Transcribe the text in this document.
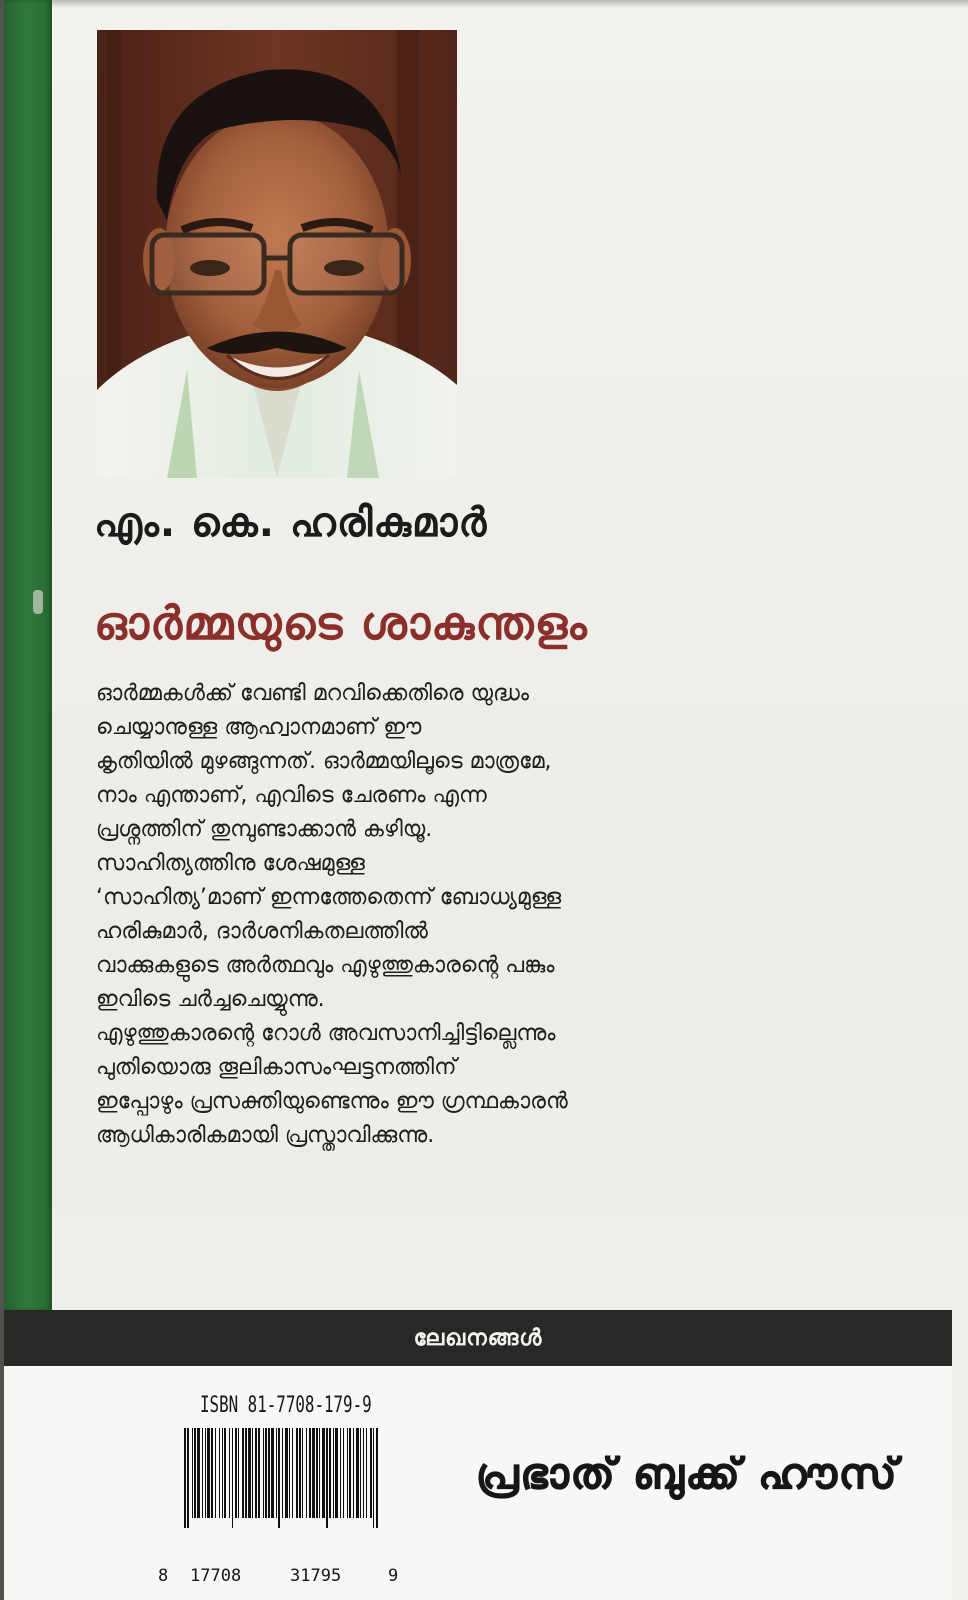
എം. കെ. ഹരികുമാർ
ഓർമ്മയുടെ ശാകുന്തളം
ഓർമ്മകൾക്ക് വേണ്ടി മറവിക്കെതിരെ യുദ്ധം
ചെയ്യാനുള്ള ആഹ്വാനമാണ് ഈ
കൃതിയിൽ മുഴങ്ങുന്നത്. ഓർമ്മയിലൂടെ മാത്രമേ,
നാം എന്താണ്, എവിടെ ചേരണം എന്ന
പ്രശ്നത്തിന് തുമ്പുണ്ടാക്കാൻ കഴിയൂ.
സാഹിത്യത്തിനു ശേഷമുള്ള
‘സാഹിത്യ’മാണ് ഇന്നത്തേതെന്ന് ബോധ്യമുള്ള
ഹരികുമാർ, ദാർശനികതലത്തിൽ
വാക്കുകളുടെ അർത്ഥവും എഴുത്തുകാരന്റെ പങ്കും
ഇവിടെ ചർച്ചചെയ്യുന്നു.
എഴുത്തുകാരന്റെ റോൾ അവസാനിച്ചിട്ടില്ലെന്നും
പുതിയൊരു തൂലികാസംഘട്ടനത്തിന്
ഇപ്പോഴും പ്രസക്തിയുണ്ടെന്നും ഈ ഗ്രന്ഥകാരൻ
ആധികാരികമായി പ്രസ്താവിക്കുന്നു.
ലേഖനങ്ങൾ
ISBN 81-7708-179-9
8 17708	31795	9
പ്രഭാത് ബുക്ക് ഹൗസ്
